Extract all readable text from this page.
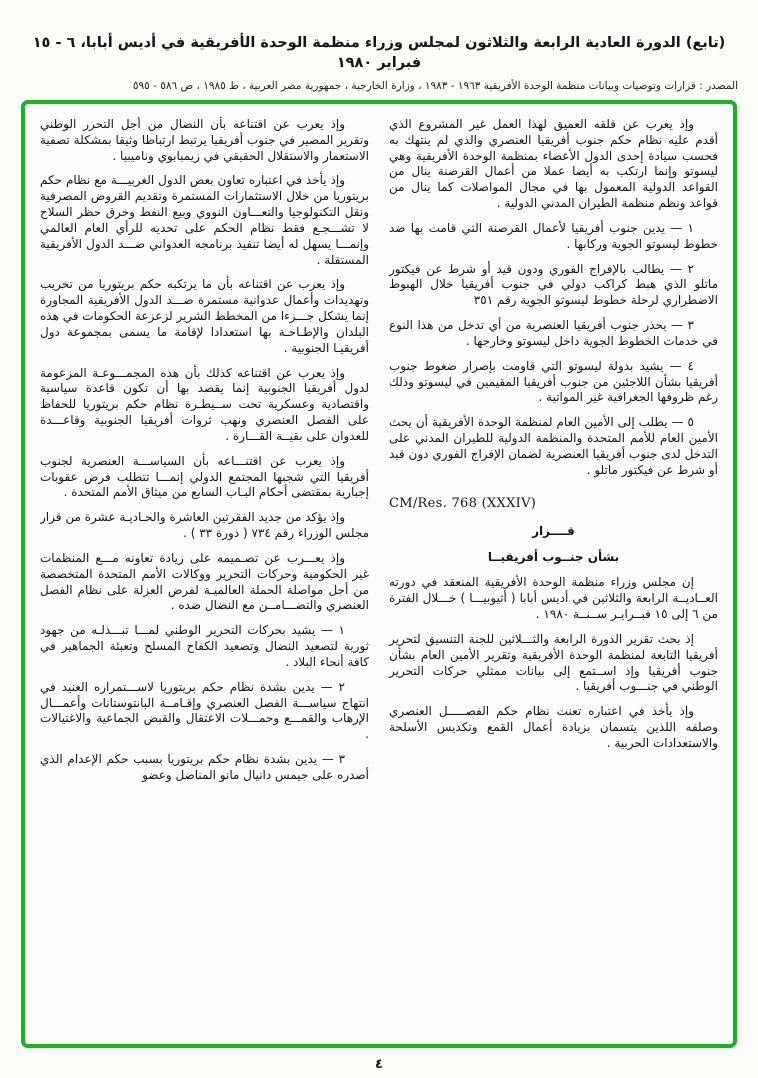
(تابع) الدورة العادية الرابعة والثلاثون لمجلس وزراء منظمة الوحدة الأفريقية في أديس أبابا، ٦ - ١٥ فبراير ١٩٨٠
المصدر : قرارات وتوصيات وبيانات منظمة الوحدة الأفريقية ١٩٦٣ - ١٩٨٣ ، وزارة الخارجية ، جمهورية مصر العربية ، ط ١٩٨٥ ، ص ٥٨٦ - ٥٩٥

وإذ يعرب عن قلقه العميق لهذا العمل غير المشروع الذي أقدم عليه نظام حكم جنوب أفريقيا العنصري والذي لم ينتهك به فحسب سيادة إحدى الدول الأعضاء بمنظمة الوحدة الأفريقية وهي ليسوتو وإنما ارتكب به أيضا عملا من أعمال القرصنة ينال من القواعد الدولية المعمول بها في مجال المواصلات كما ينال من قواعد ونظم منظمة الطيران المدني الدولية .

١ — يدين جنوب أفريقيا لأعمال القرصنة التي قامت بها ضد خطوط ليسوتو الجوية وركابها .

٢ — يطالب بالإفراج الفوري ودون قيد أو شرط عن فيكتور ماتلو الذي هبط كراكب دولي في جنوب أفريقيا خلال الهبوط الاضطراري لرحلة خطوط ليسوتو الجوية رقم ٣٥١

٣ — يحذر جنوب أفريقيا العنصرية من أي تدخل من هذا النوع في خدمات الخطوط الجوية داخل ليسوتو وخارجها .

٤ — يشيد بدولة ليسوتو التي قاومت بإصرار ضغوط جنوب أفريقيا بشأن اللاجئين من جنوب أفريقيا المقيمين في ليسوتو وذلك رغم ظروفها الجغرافية غير المواتية .

٥ — يطلب إلى الأمين العام لمنظمة الوحدة الأفريقية أن يحث الأمين العام للأمم المتحدة والمنظمة الدولية للطيران المدني على التدخل لدى جنوب أفريقيا العنصرية لضمان الإفراج الفوري دون قيد أو شرط عن فيكتور ماتلو .

CM/Res. 768 (XXXIV)

قــــرار

بشأن جنــوب أفريقيــا

إن مجلس وزراء منظمة الوحدة الأفريقية المنعقد في دورته العــاديــة الرابعة والثلاثين في أديس أبابا ( أثيوبيـــا ) خـــلال الفترة من ٦ إلى ١٥ فبــرايـر ســنــة ١٩٨٠ .

إذ بحث تقرير الدورة الرابعة والثـــلاثين للجنة التنسيق لتحرير أفريقيا التابعة لمنظمة الوحدة الأفريقية وتقرير الأمين العام بشأن جنوب أفريقيا وإذ اســتمع إلى بيانات ممثلي حركات التحرير الوطني في جنـــوب أفريقيا .

وإذ يأخذ في اعتباره تعنت نظام حكم الفصـــــل العنصري وصلفه اللذين يتسمان بزيادة أعمال القمع وتكديس الأسلحة والاستعدادات الحربية .

وإذ يعرب عن اقتناعه بأن النضال من أجل التحرر الوطني وتقرير المصير في جنوب أفريقيا يرتبط ارتباطا وثيقا بمشكلة تصفية الاستعمار والاستقلال الحقيقي في زيمبابوي وناميبيا .

وإذ يأخذ في اعتباره تعاون بعض الدول الغربيـــة مع نظام حكم بريتوريا من خلال الاستثمارات المستمرة وتقديم القروض المصرفية ونقل التكنولوجيا والتعـــاون النووي وبيع النفط وخرق حظر السلاح لا تشـــجـع فقط نظام الحكم على تحديه للرأي العام العالمي وإنمـــا يسهل له أيضا تنفيذ برنامجه العدواني ضـــد الدول الأفريقية المستقلة .

وإذ يعرب عن اقتناعه بأن ما يرتكبه حكم بريتوريا من تخريب وتهديدات وأعمال عدوانية مستمرة ضـــد الدول الأفريقية المجاورة إنما يشكل جـــزءا من المخطط الشرير لزعزعة الحكومات في هذه البلدان والإطـاحـة بها استعدادا لإقامة ما يسمى بمجموعة دول أفريقيـا الجنوبية .

وإذ يعرب عن اقتناعه كذلك بأن هذه المجمـــوعـة المزعومة لدول أفريقيا الجنوبية إنما يقصد بها أن تكون قاعدة سياسية واقتصادية وعسكرية تحت ســيطـرة نظام حكم بريتوريا للحفاظ على الفصل العنصري ونهب ثروات أفريقيا الجنوبية وقاعـــدة للعدوان على بقيــة القـــارة .

وإذ يعرب عن اقتنـــاعه بأن السياســـة العنصرية لجنوب أفريقيا التي شجبها المجتمع الدولي إنمـــا تتطلب فرض عقوبات إجبارية بمقتضى أحكام البـاب السابع من ميثاق الأمم المتحدة .

وإذ يؤكد من جديد الفقرتين العاشرة والحـاديـة عشرة من قرار مجلس الوزراء رقم ٧٣٤ ( دورة ٣٣ ) .

وإذ يعـــرب عن تصـميمه على زيادة تعاونه مـــع المنظمات غير الحكومية وحركات التحرير ووكالات الأمم المتحدة المتخصصة من أجل مواصلة الحملة العالميـة لفرض العزلة على نظام الفصل العنصري والتضـــامــن مع النضال ضده .

١ — يشيد بحركات التحرير الوطني لمـــا تبـــذلـه من جهود ثورية لتصعيد النضال وتصعيد الكفاح المسلح وتعبئة الجماهير في كافة أنحاء البلاد .

٢ — يدين بشدة نظام حكم بريتوريا لاســـتمراره العنيد في انتهاج سياســـة الفصل العنصري وإقـامــة البانتوستانات وأعمـــال الإرهاب والقمـــع وحمـــلات الاعتقال والقبض الجماعية والاغتيالات .

٣ — يدين بشدة نظام حكم بريتوريا بسبب حكم الإعدام الذي أصدره على جيمس دانيال مانو المناضل وعضو

٤
